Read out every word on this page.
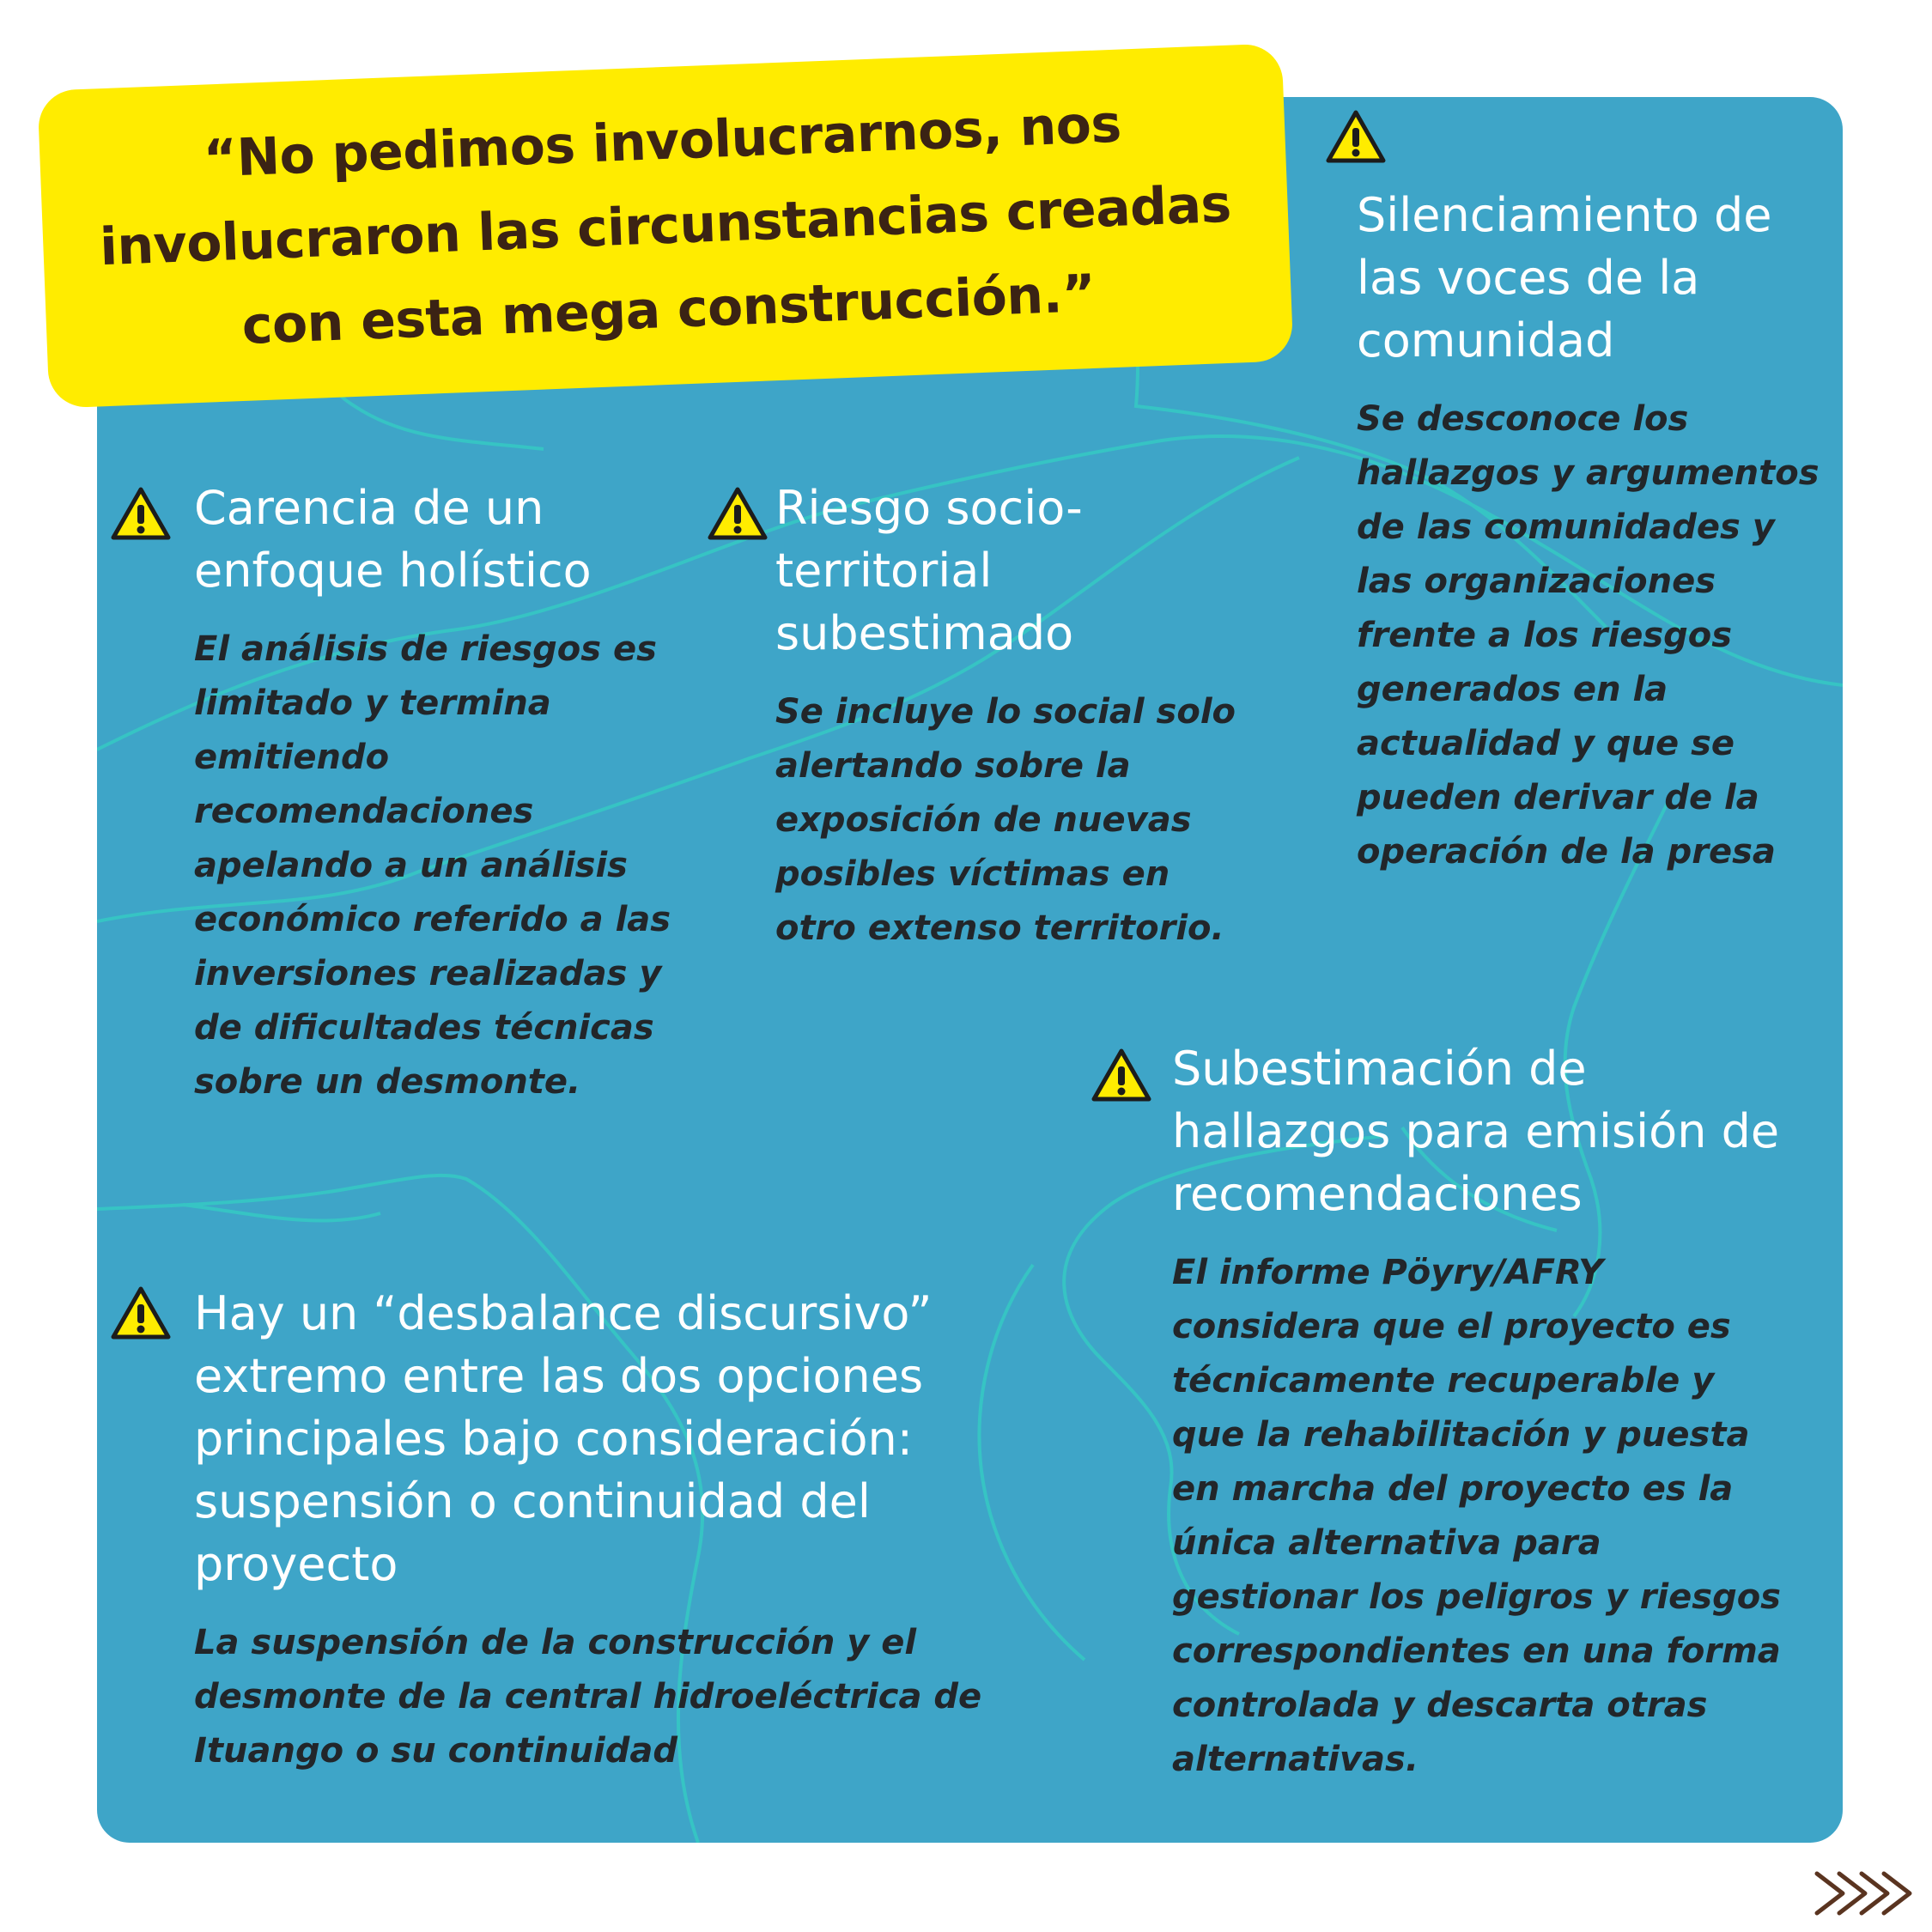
“No pedimos involucrarnos, nos involucraron las circunstancias creadas con esta mega construcción.”

Carencia de un enfoque holístico

El análisis de riesgos es limitado y termina emitiendo recomendaciones apelando a un análisis económico referido a las inversiones realizadas y de dificultades técnicas sobre un desmonte.

Riesgo socio-territorial subestimado

Se incluye lo social solo alertando sobre la exposición de nuevas posibles víctimas en otro extenso territorio.

Silenciamiento de las voces de la comunidad

Se desconoce los hallazgos y argumentos de las comunidades y las organizaciones frente a los riesgos generados en la actualidad y que se pueden derivar de la operación de la presa

Subestimación de hallazgos para emisión de recomendaciones

El informe Pöyry/AFRY considera que el proyecto es técnicamente recuperable y que la rehabilitación y puesta en marcha del proyecto es la única alternativa para gestionar los peligros y riesgos correspondientes en una forma controlada y descarta otras alternativas.

Hay un “desbalance discursivo” extremo entre las dos opciones principales bajo consideración: suspensión o continuidad del proyecto

La suspensión de la construcción y el desmonte de la central hidroeléctrica de Ituango o su continuidad
